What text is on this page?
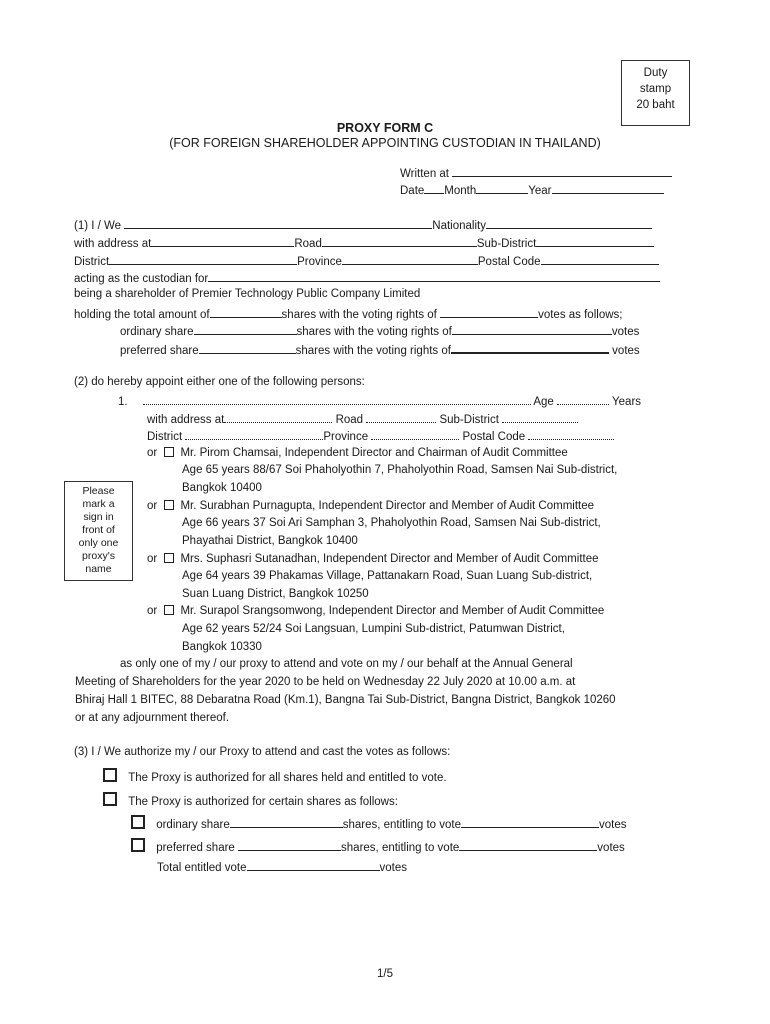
Duty
stamp
20 baht
PROXY FORM C
(FOR FOREIGN SHAREHOLDER APPOINTING CUSTODIAN IN THAILAND)
Written at
Date Month	Year
(1) I / We	Nationality
with address at	Road	Sub-District
District	Province	Postal Code
acting as the custodian for
being a shareholder of Premier Technology Public Company Limited
holding the total amount of	shares with the voting rights of	votes as follows;
ordinary share	shares with the voting rights of	votes
preferred share	shares with the voting rights of	votes
(2) do hereby appoint either one of the following persons:
1.	Age	Years
with address at	Road	Sub-District
District	Province	Postal Code
or Mr. Pirom Chamsai, Independent Director and Chairman of Audit Committee
Age 65 years 88/67 Soi Phaholyothin 7, Phaholyothin Road, Samsen Nai Sub-district,
Bangkok 10400
or Mr. Surabhan Purnagupta, Independent Director and Member of Audit Committee
Age 66 years 37 Soi Ari Samphan 3, Phaholyothin Road, Samsen Nai Sub-district,
Phayathai District, Bangkok 10400
or Mrs. Suphasri Sutanadhan, Independent Director and Member of Audit Committee
Age 64 years 39 Phakamas Village, Pattanakarn Road, Suan Luang Sub-district,
Suan Luang District, Bangkok 10250
or Mr. Surapol Srangsomwong, Independent Director and Member of Audit Committee
Age 62 years 52/24 Soi Langsuan, Lumpini Sub-district, Patumwan District,
Bangkok 10330
Please
mark a
sign in
front of
only one
proxy's
name
as only one of my / our proxy to attend and vote on my / our behalf at the Annual General
Meeting of Shareholders for the year 2020 to be held on Wednesday 22 July 2020 at 10.00 a.m. at
Bhiraj Hall 1 BITEC, 88 Debaratna Road (Km.1), Bangna Tai Sub-District, Bangna District, Bangkok 10260
or at any adjournment thereof.
(3) I / We authorize my / our Proxy to attend and cast the votes as follows:
The Proxy is authorized for all shares held and entitled to vote.
The Proxy is authorized for certain shares as follows:
ordinary share	shares, entitling to vote	votes
preferred share	shares, entitling to vote	votes
Total entitled vote	votes
1/5
